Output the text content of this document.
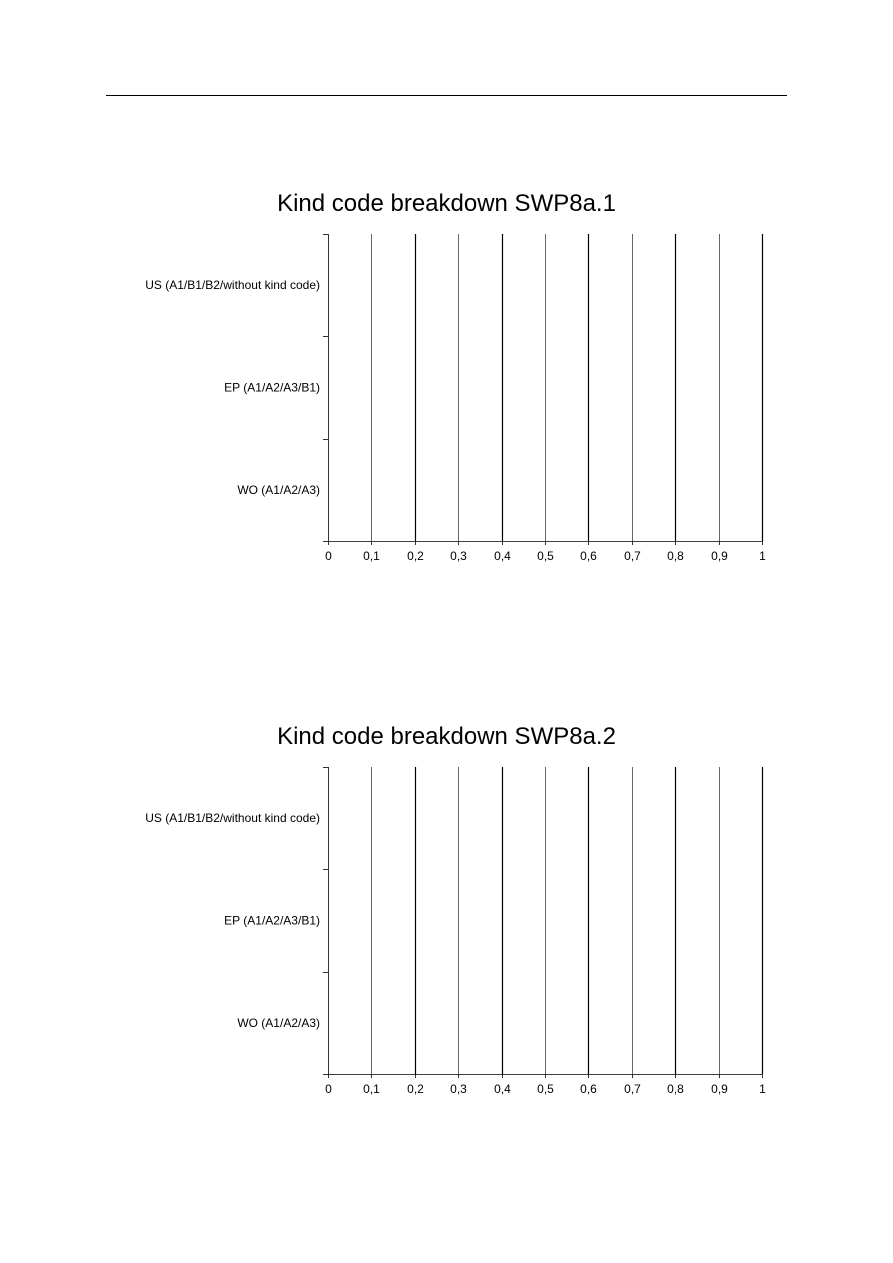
Kind code breakdown SWP8a.1
0	0,1 0,2 0,3 0,4 0,5 0,6 0,7 0,8 0,9	1
US (A1/B1/B2/without kind code)
EP (A1/A2/A3/B1)
WO (A1/A2/A3)
Kind code breakdown SWP8a.2
0	0,1 0,2 0,3 0,4 0,5 0,6 0,7 0,8 0,9	1
US (A1/B1/B2/without kind code)
EP (A1/A2/A3/B1)
WO (A1/A2/A3)
